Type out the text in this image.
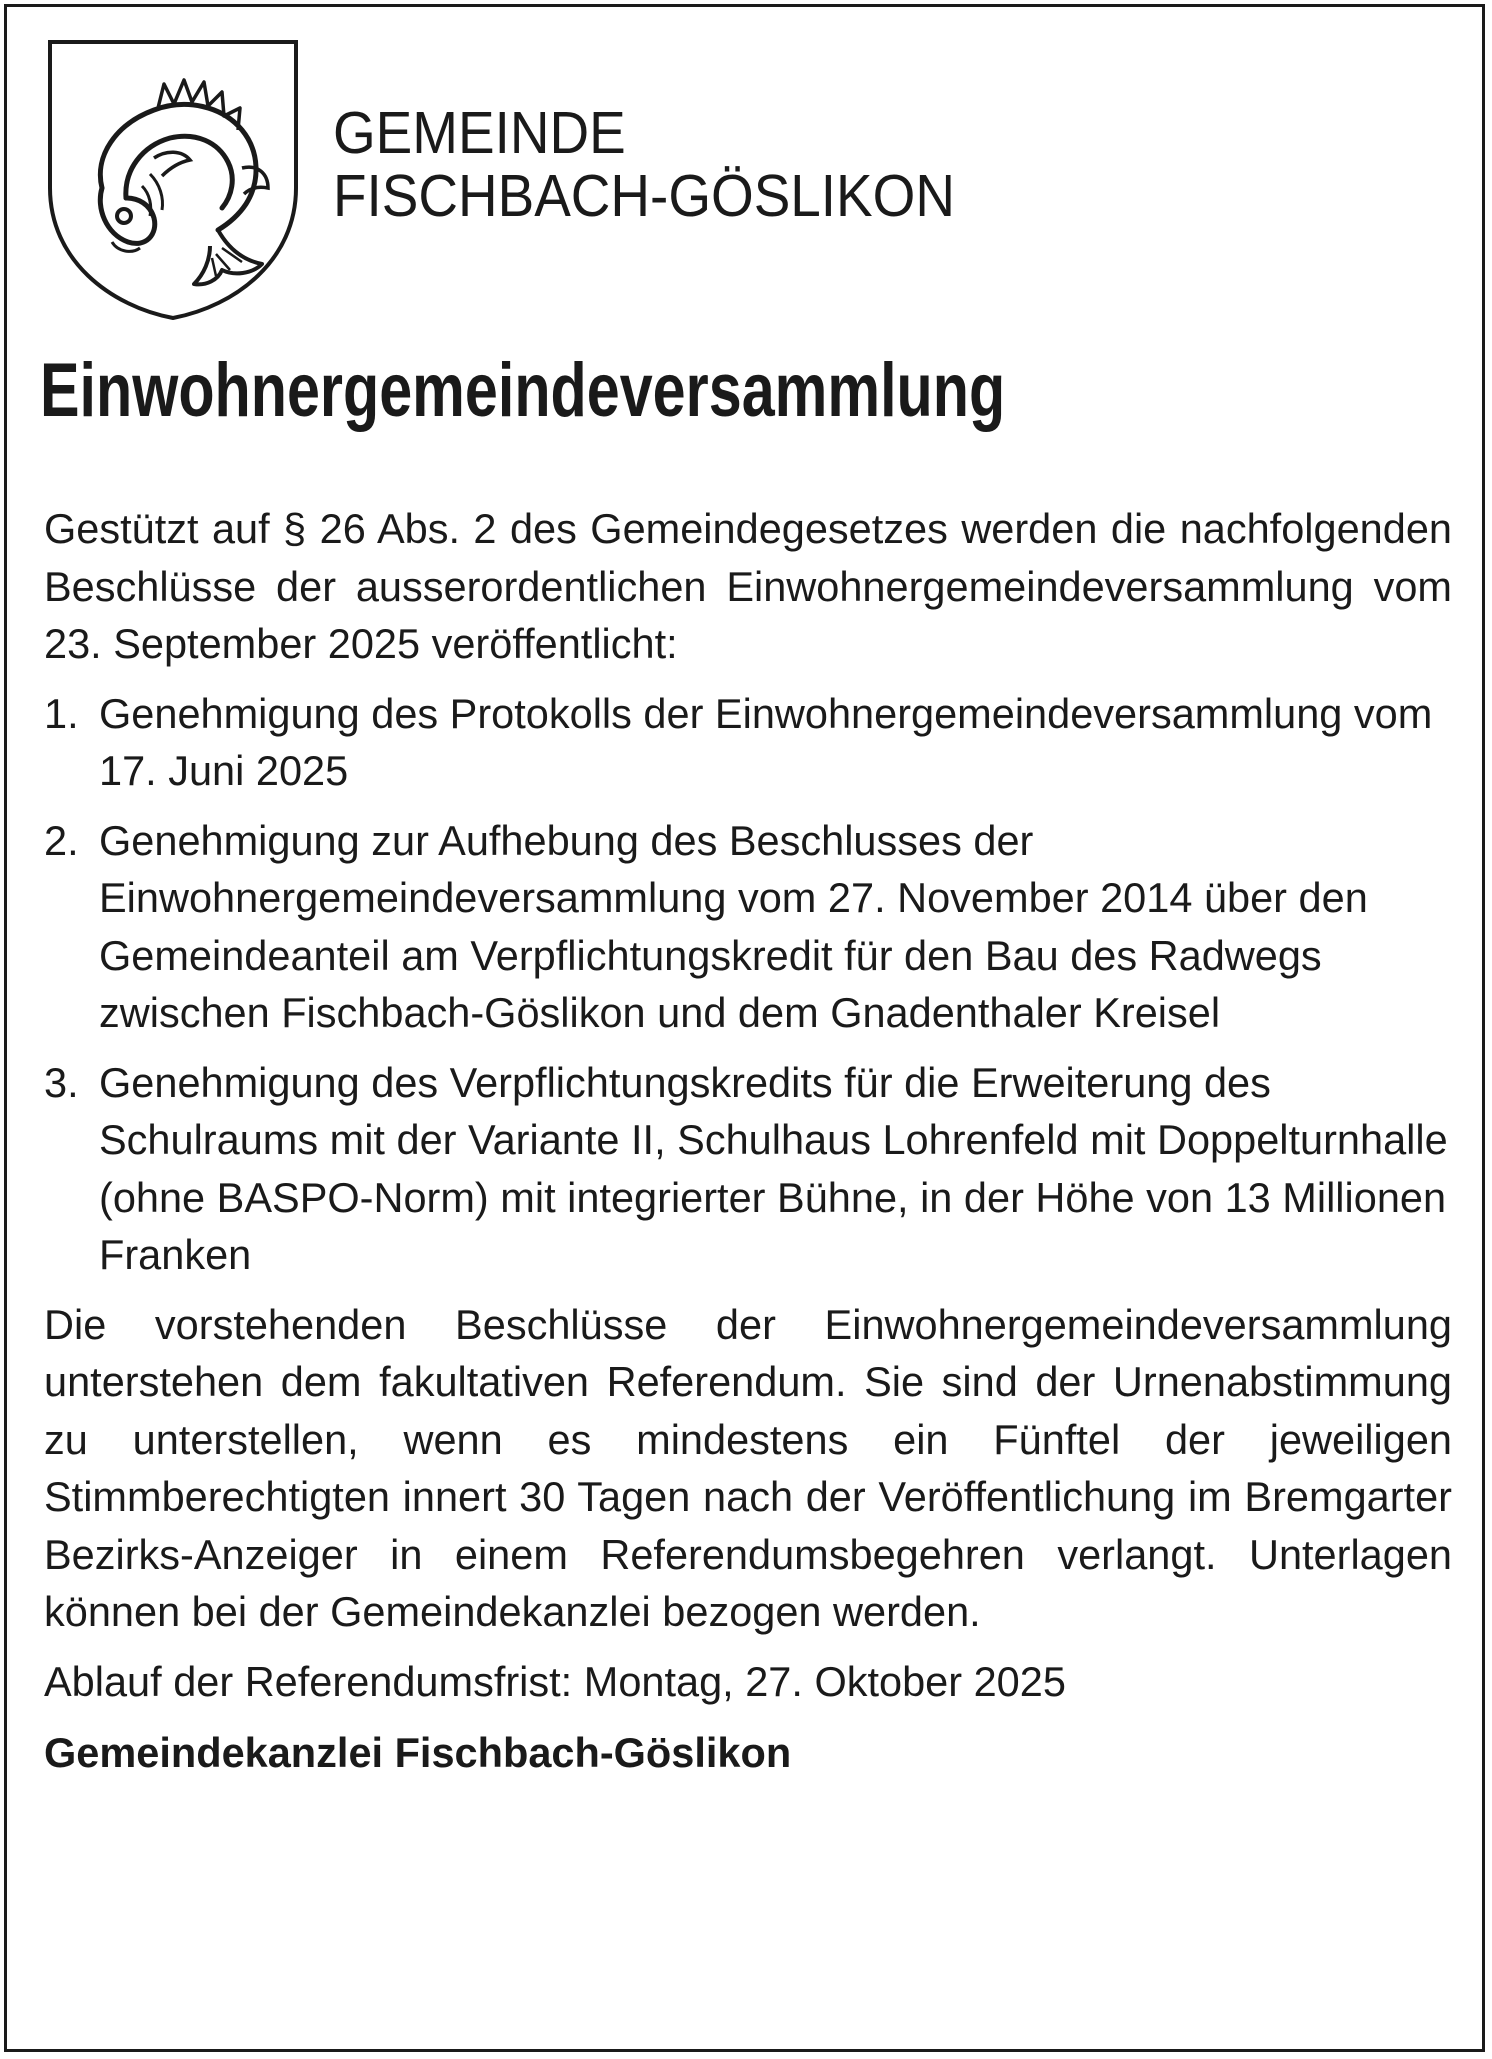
GEMEINDE
FISCHBACH-GÖSLIKON
Einwohnergemeindeversammlung

Gestützt auf § 26 Abs. 2 des Gemeindegesetzes werden die nachfolgenden Beschlüsse der ausserordentlichen Einwohnergemeindeversammlung vom 23. September 2025 veröffentlicht:

1. Genehmigung des Protokolls der Einwohnergemeindeversammlung vom 17. Juni 2025
2. Genehmigung zur Aufhebung des Beschlusses der Einwohnergemeindeversammlung vom 27. November 2014 über den Gemeindeanteil am Verpflichtungskredit für den Bau des Radwegs zwischen Fischbach-Göslikon und dem Gnadenthaler Kreisel
3. Genehmigung des Verpflichtungskredits für die Erweiterung des Schulraums mit der Variante II, Schulhaus Lohrenfeld mit Doppelturnhalle (ohne BASPO-Norm) mit integrierter Bühne, in der Höhe von 13 Millionen Franken

Die vorstehenden Beschlüsse der Einwohnergemeindeversammlung unterstehen dem fakultativen Referendum. Sie sind der Urnenabstimmung zu unterstellen, wenn es mindestens ein Fünftel der jeweiligen Stimmberechtigten innert 30 Tagen nach der Veröffentlichung im Bremgarter Bezirks-Anzeiger in einem Referendumsbegehren verlangt. Unterlagen können bei der Gemeindekanzlei bezogen werden.

Ablauf der Referendumsfrist: Montag, 27. Oktober 2025

Gemeindekanzlei Fischbach-Göslikon
